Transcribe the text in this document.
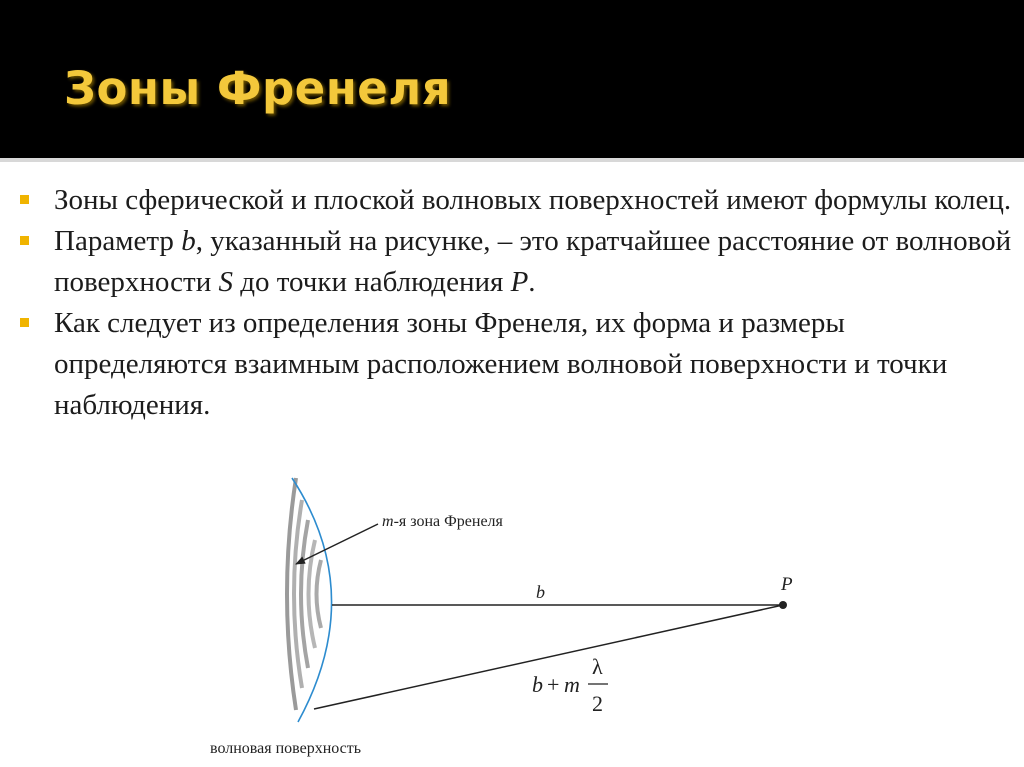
Зоны Френеля
Зоны сферической и плоской волновых поверхностей имеют формулы колец.
Параметр b, указанный на рисунке, – это кратчайшее расстояние от волновой поверхности S до точки наблюдения P.
Как следует из определения зоны Френеля, их форма и размеры определяются взаимным расположением волновой поверхности и точки наблюдения.
m-я зона Френеля
P
b
b + m
λ
2
волновая поверхность
